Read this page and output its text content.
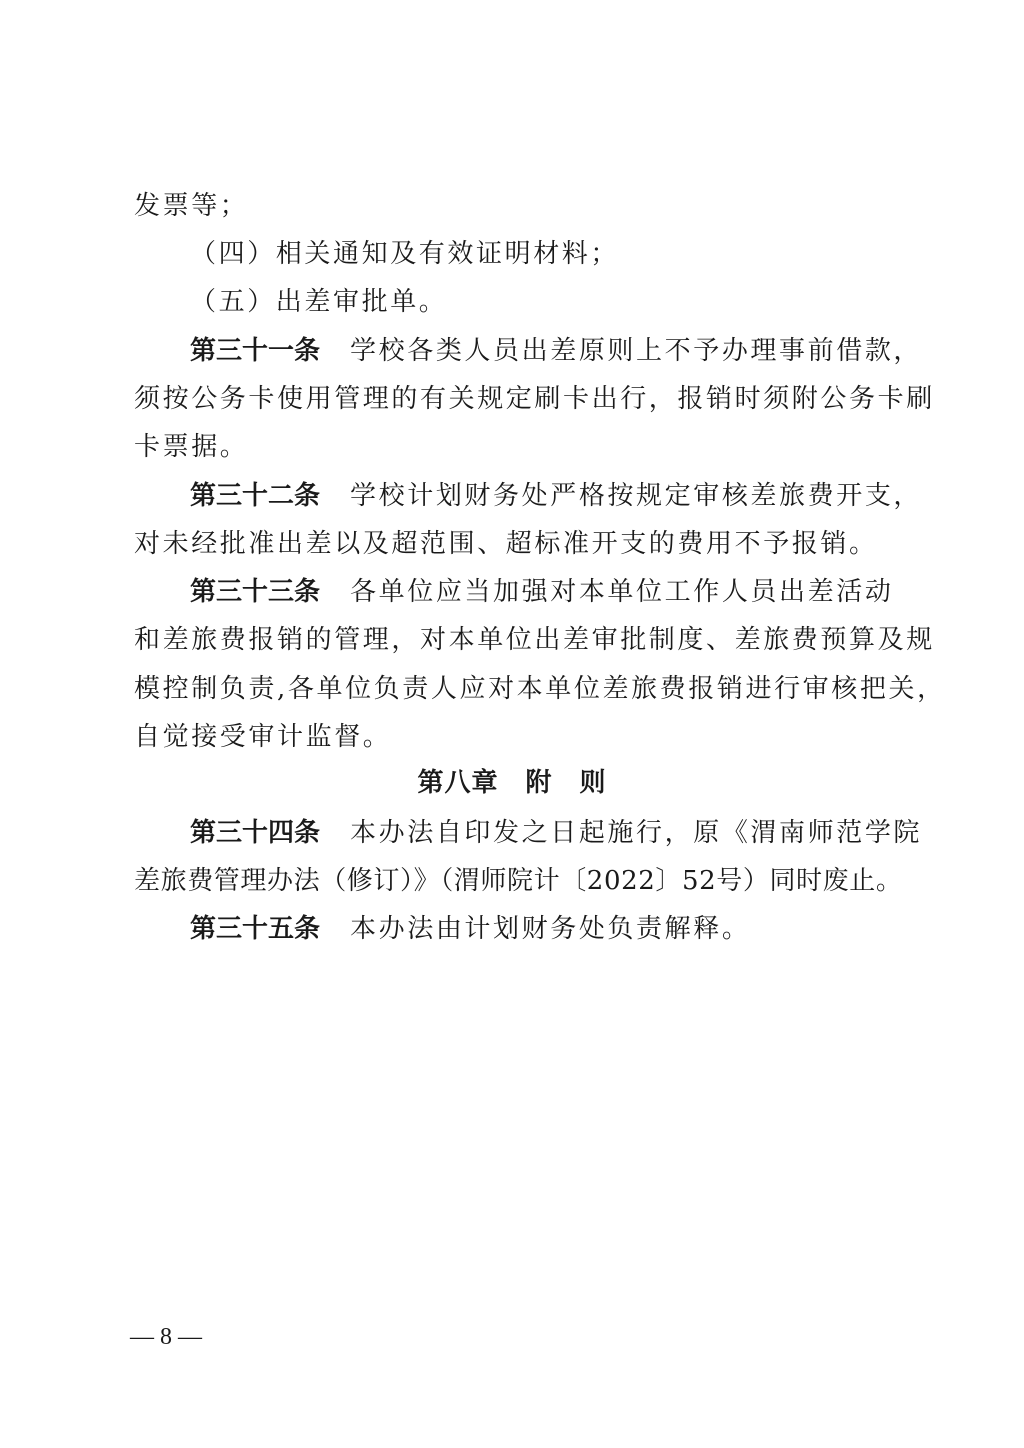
发票等；
（四）相关通知及有效证明材料；
（五）出差审批单。
第三十一条 学校各类人员出差原则上不予办理事前借款，
须按公务卡使用管理的有关规定刷卡出行，报销时须附公务卡刷
卡票据。
第三十二条 学校计划财务处严格按规定审核差旅费开支，
对未经批准出差以及超范围、超标准开支的费用不予报销。
第三十三条 各单位应当加强对本单位工作人员出差活动
和差旅费报销的管理，对本单位出差审批制度、差旅费预算及规
模控制负责,各单位负责人应对本单位差旅费报销进行审核把关，
自觉接受审计监督。
第八章　附　则
第三十四条 本办法自印发之日起施行，原《渭南师范学院
差旅费管理办法（修订）》（渭师院计〔2022〕52号）同时废止。
第三十五条 本办法由计划财务处负责解释。
— 8 —
